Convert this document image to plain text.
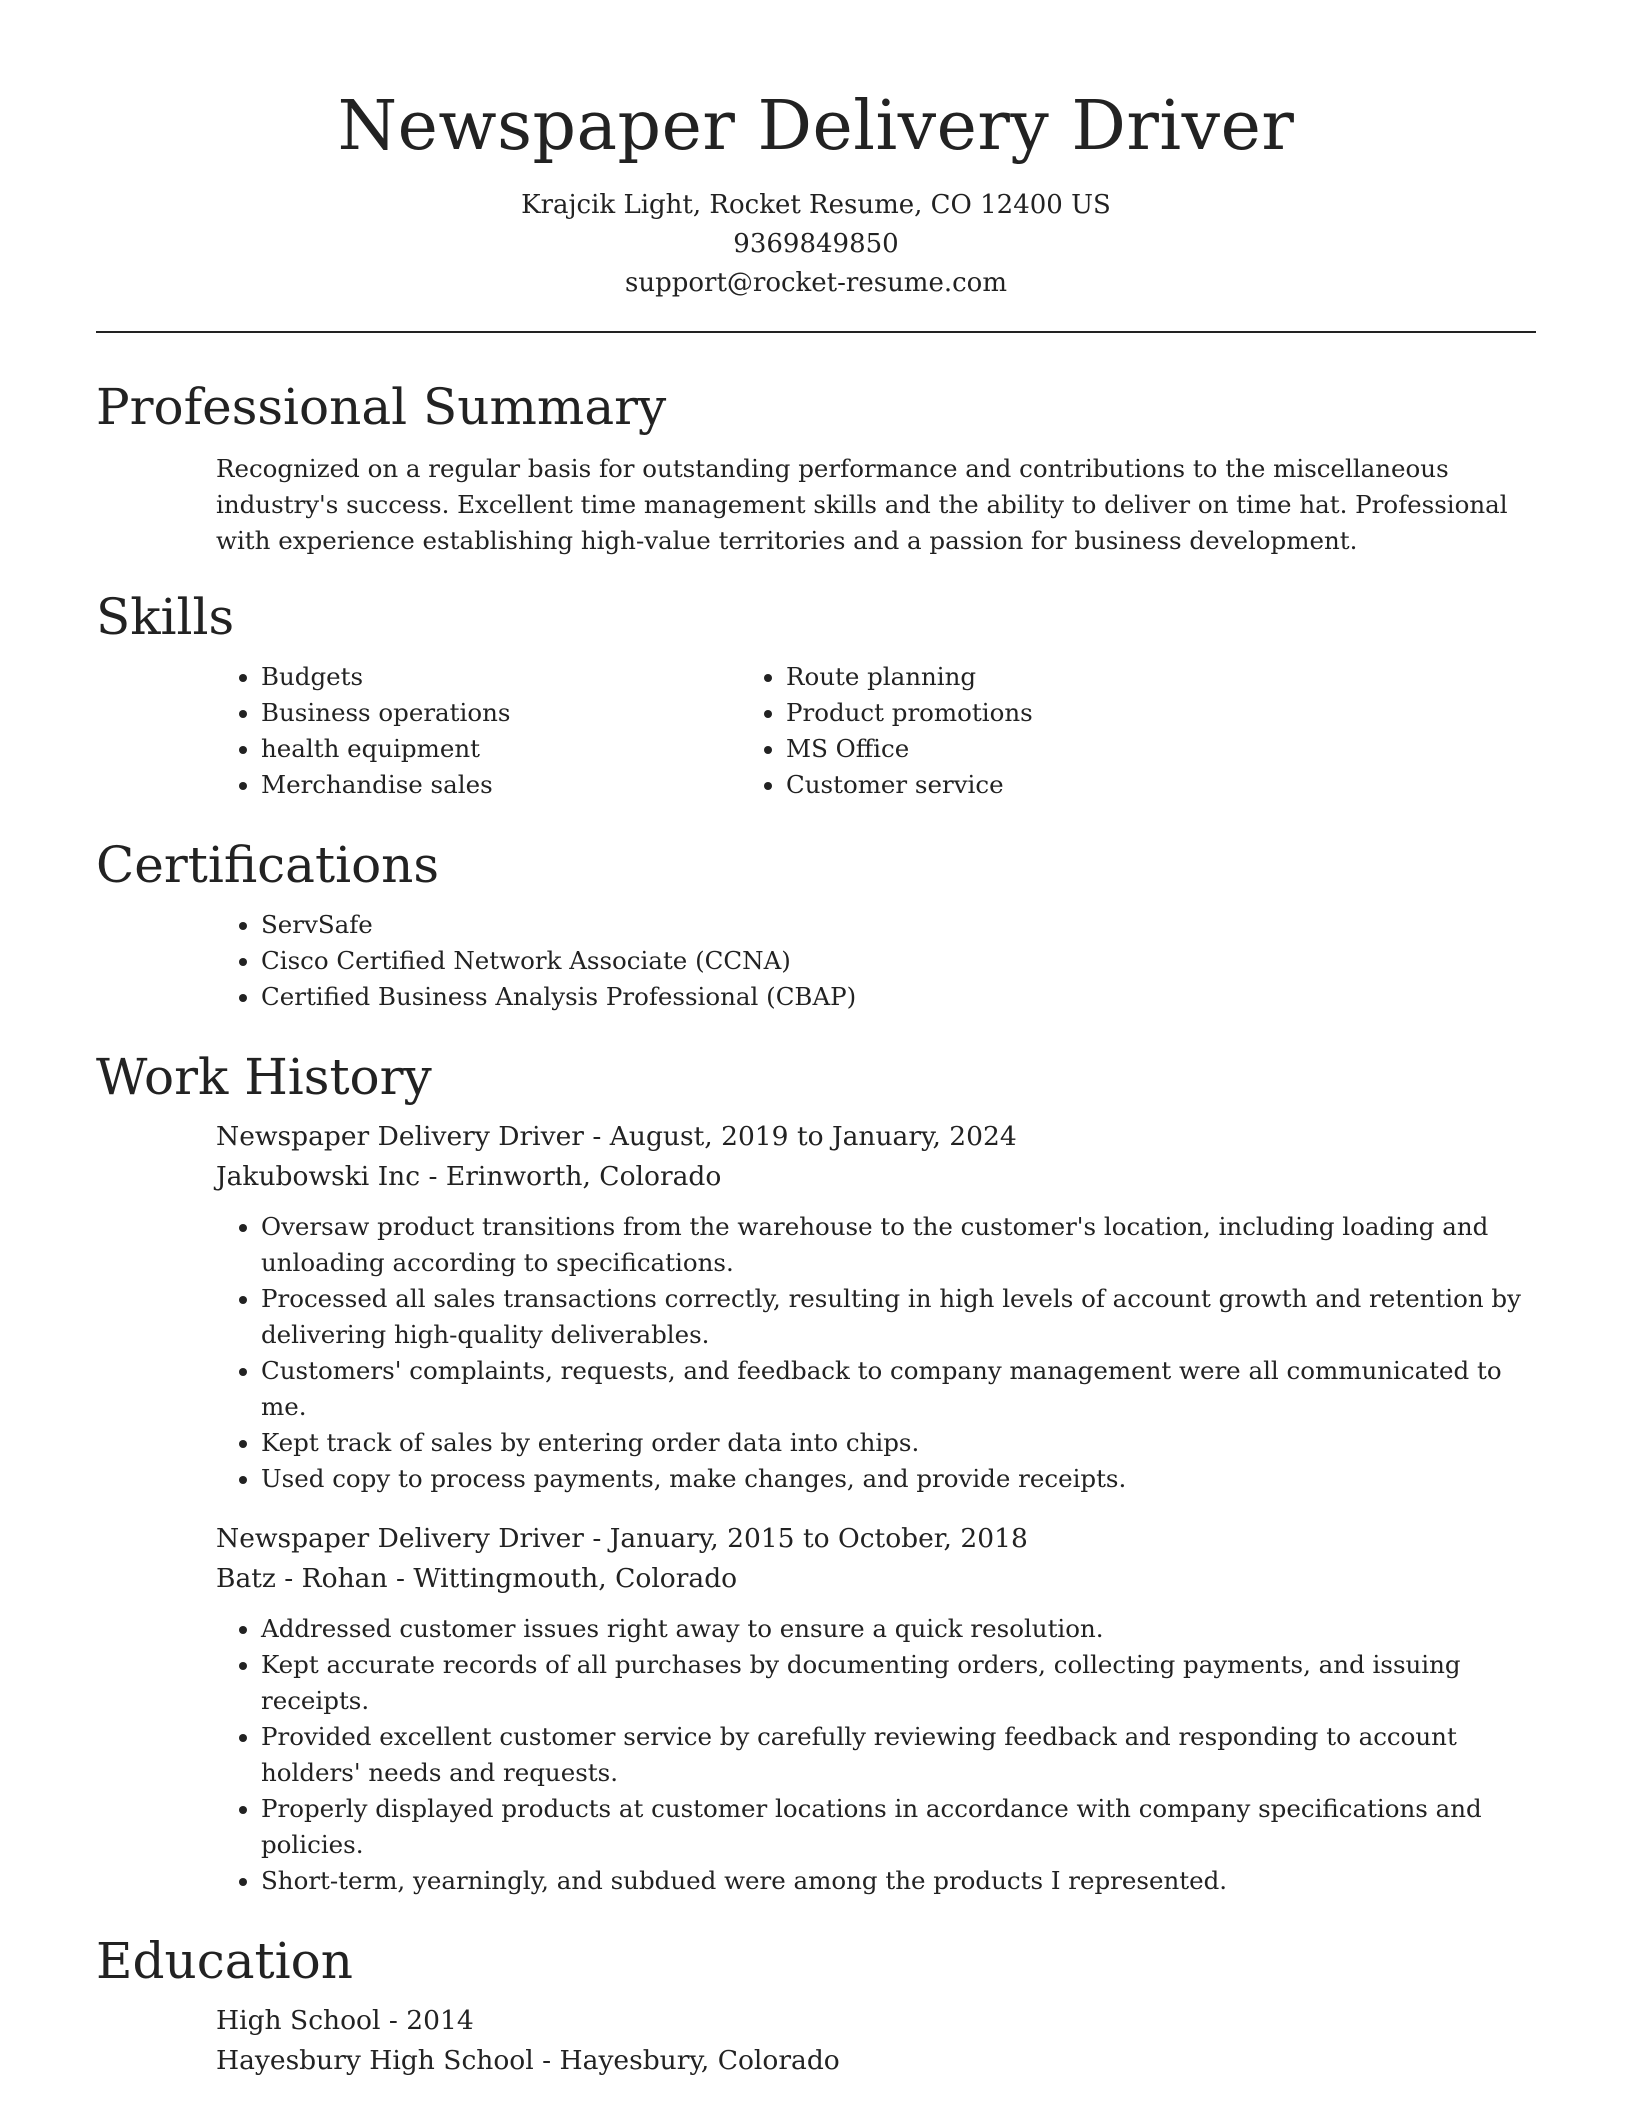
Newspaper Delivery Driver
Krajcik Light, Rocket Resume, CO 12400 US
9369849850
support@rocket-resume.com
Professional Summary

Recognized on a regular basis for outstanding performance and contributions to the miscellaneous industry's success. Excellent time management skills and the ability to deliver on time hat. Professional with experience establishing high-value territories and a passion for business development.

Skills
• Budgets
• Business operations
• health equipment
• Merchandise sales
• Route planning
• Product promotions
• MS Office
• Customer service
Certifications
• ServSafe
• Cisco Certified Network Associate (CCNA)
• Certified Business Analysis Professional (CBAP)
Work History
Newspaper Delivery Driver - August, 2019 to January, 2024
Jakubowski Inc - Erinworth, Colorado
• Oversaw product transitions from the warehouse to the customer's location, including loading and unloading according to specifications.
• Processed all sales transactions correctly, resulting in high levels of account growth and retention by delivering high-quality deliverables.
• Customers' complaints, requests, and feedback to company management were all communicated to me.
• Kept track of sales by entering order data into chips.
• Used copy to process payments, make changes, and provide receipts.
Newspaper Delivery Driver - January, 2015 to October, 2018
Batz - Rohan - Wittingmouth, Colorado
• Addressed customer issues right away to ensure a quick resolution.
• Kept accurate records of all purchases by documenting orders, collecting payments, and issuing receipts.
• Provided excellent customer service by carefully reviewing feedback and responding to account holders' needs and requests.
• Properly displayed products at customer locations in accordance with company specifications and policies.
• Short-term, yearningly, and subdued were among the products I represented.
Education
High School - 2014
Hayesbury High School - Hayesbury, Colorado
